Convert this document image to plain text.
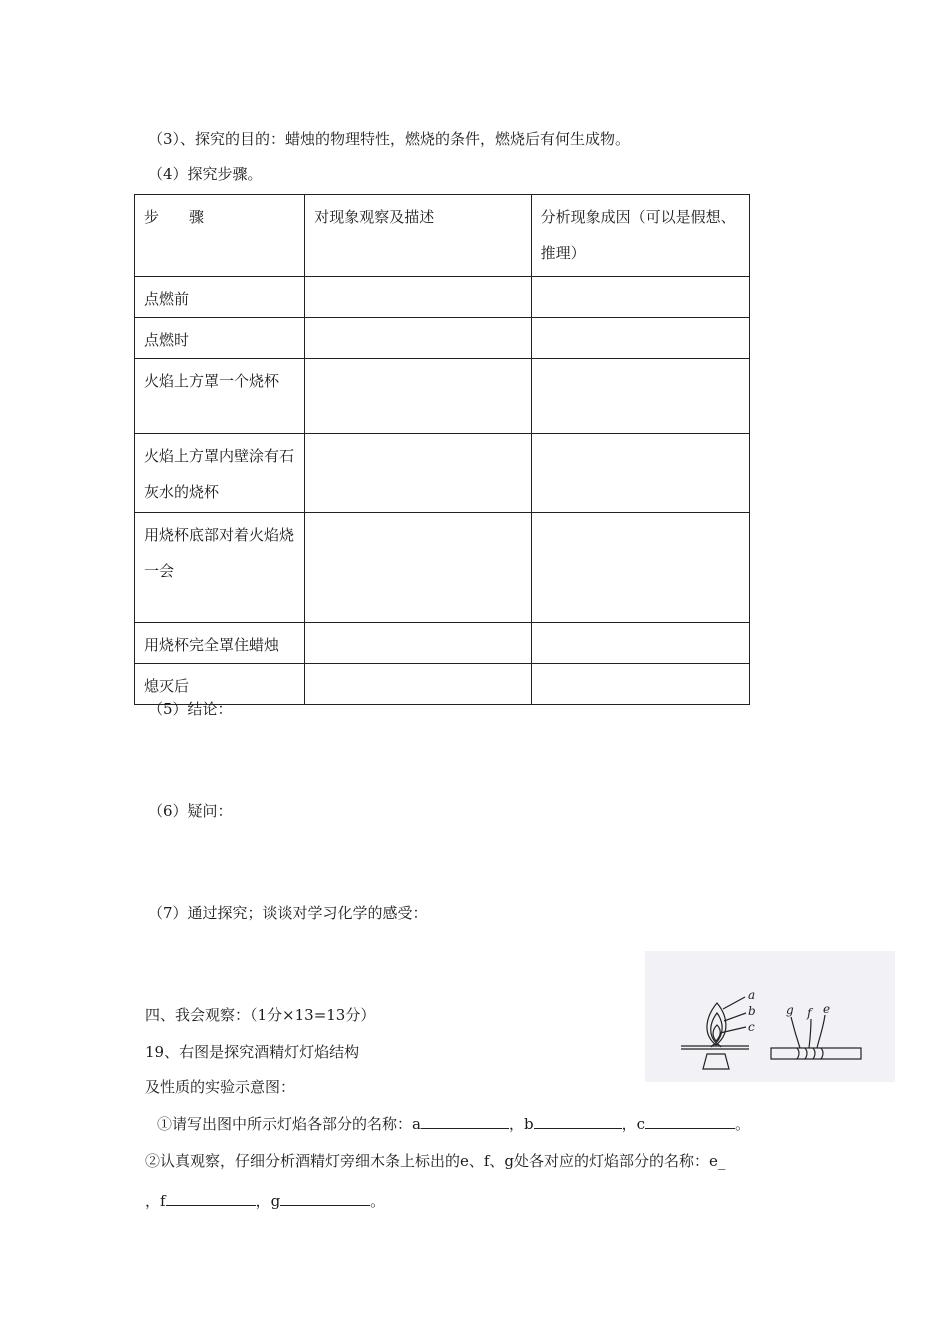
（3）、探究的目的：蜡烛的物理特性，燃烧的条件，燃烧后有何生成物。
（4）探究步骤。
步　　骤	对现象观察及描述	分析现象成因（可以是假想、推理）
点燃前		
点燃时		
火焰上方罩一个烧杯		
火焰上方罩内壁涂有石灰水的烧杯		
用烧杯底部对着火焰烧一会		
用烧杯完全罩住蜡烛		
熄灭后		
（5）结论：
（6）疑问：
（7）通过探究；谈谈对学习化学的感受：
a
b
c
g f e
四、我会观察：（1分×13=13分）
19、右图是探究酒精灯灯焰结构
及性质的实验示意图：
①请写出图中所示灯焰各部分的名称：a	，b	，c	。
②认真观察，仔细分析酒精灯旁细木条上标出的e、f、g处各对应的灯焰部分的名称：e_
，f	，g	。
